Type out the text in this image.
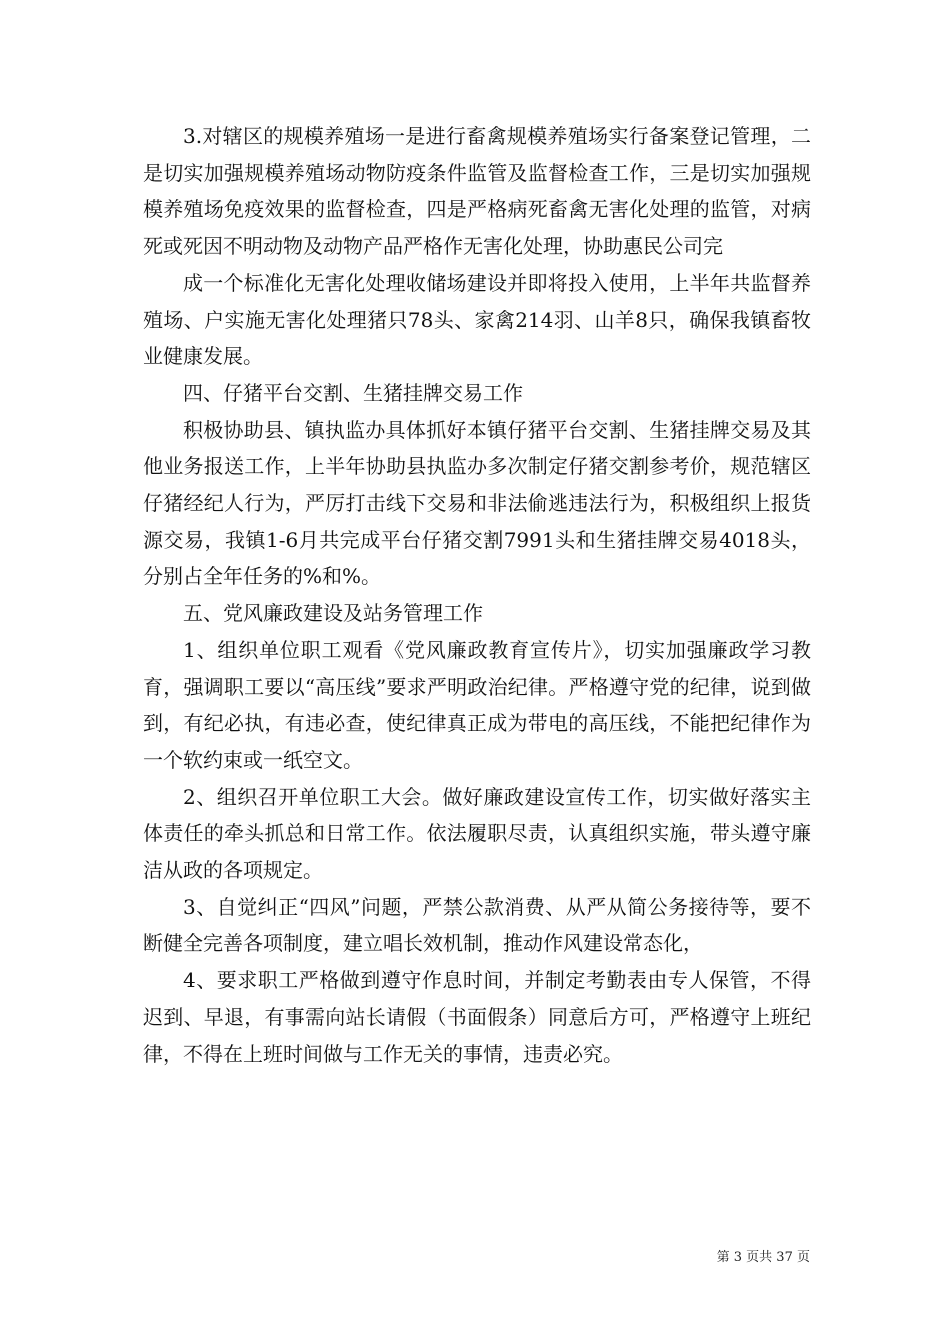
3.对辖区的规模养殖场一是进行畜禽规模养殖场实行备案登记管理，二是切实加强规模养殖场动物防疫条件监管及监督检查工作，三是切实加强规模养殖场免疫效果的监督检查，四是严格病死畜禽无害化处理的监管，对病死或死因不明动物及动物产品严格作无害化处理，协助惠民公司完

成一个标准化无害化处理收储场建设并即将投入使用，上半年共监督养殖场、户实施无害化处理猪只78头、家禽214羽、山羊8只，确保我镇畜牧业健康发展。

四、仔猪平台交割、生猪挂牌交易工作

积极协助县、镇执监办具体抓好本镇仔猪平台交割、生猪挂牌交易及其他业务报送工作，上半年协助县执监办多次制定仔猪交割参考价，规范辖区仔猪经纪人行为，严厉打击线下交易和非法偷逃违法行为，积极组织上报货源交易，我镇1-6月共完成平台仔猪交割7991头和生猪挂牌交易4018头，分别占全年任务的%和%。

五、党风廉政建设及站务管理工作

1、组织单位职工观看《党风廉政教育宣传片》，切实加强廉政学习教育，强调职工要以“高压线”要求严明政治纪律。严格遵守党的纪律，说到做到，有纪必执，有违必查，使纪律真正成为带电的高压线，不能把纪律作为一个软约束或一纸空文。

2、组织召开单位职工大会。做好廉政建设宣传工作，切实做好落实主体责任的牵头抓总和日常工作。依法履职尽责，认真组织实施，带头遵守廉洁从政的各项规定。

3、自觉纠正“四风”问题，严禁公款消费、从严从简公务接待等，要不断健全完善各项制度，建立唱长效机制，推动作风建设常态化，

4、要求职工严格做到遵守作息时间，并制定考勤表由专人保管，不得迟到、早退，有事需向站长请假（书面假条）同意后方可，严格遵守上班纪律，不得在上班时间做与工作无关的事情，违责必究。

第 3 页共 37 页
